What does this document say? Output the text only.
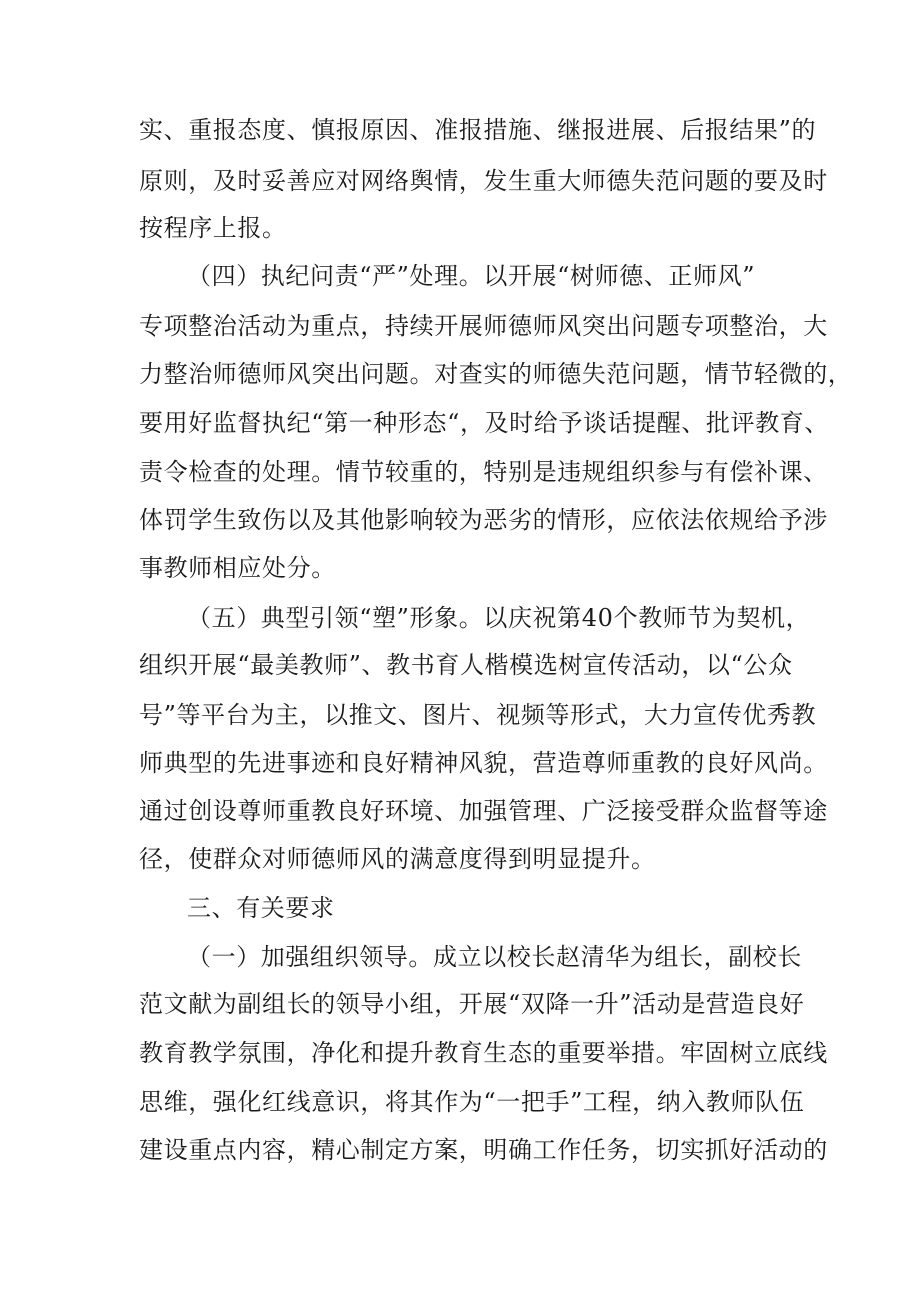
实、重报态度、慎报原因、准报措施、继报进展、后报结果”的
原则，及时妥善应对网络舆情，发生重大师德失范问题的要及时
按程序上报。
（四）执纪问责“严”处理。以开展“树师德、正师风”
专项整治活动为重点，持续开展师德师风突出问题专项整治，大
力整治师德师风突出问题。对查实的师德失范问题，情节轻微的，
要用好监督执纪“第一种形态“，及时给予谈话提醒、批评教育、
责令检查的处理。情节较重的，特别是违规组织参与有偿补课、
体罚学生致伤以及其他影响较为恶劣的情形，应依法依规给予涉
事教师相应处分。
（五）典型引领“塑”形象。以庆祝第40个教师节为契机，
组织开展“最美教师”、教书育人楷模选树宣传活动，以“公众
号”等平台为主，以推文、图片、视频等形式，大力宣传优秀教
师典型的先进事迹和良好精神风貌，营造尊师重教的良好风尚。
通过创设尊师重教良好环境、加强管理、广泛接受群众监督等途
径，使群众对师德师风的满意度得到明显提升。
三、有关要求
（一）加强组织领导。成立以校长赵清华为组长，副校长
范文献为副组长的领导小组，开展“双降一升”活动是营造良好
教育教学氛围，净化和提升教育生态的重要举措。牢固树立底线
思维，强化红线意识，将其作为“一把手”工程，纳入教师队伍
建设重点内容，精心制定方案，明确工作任务，切实抓好活动的
